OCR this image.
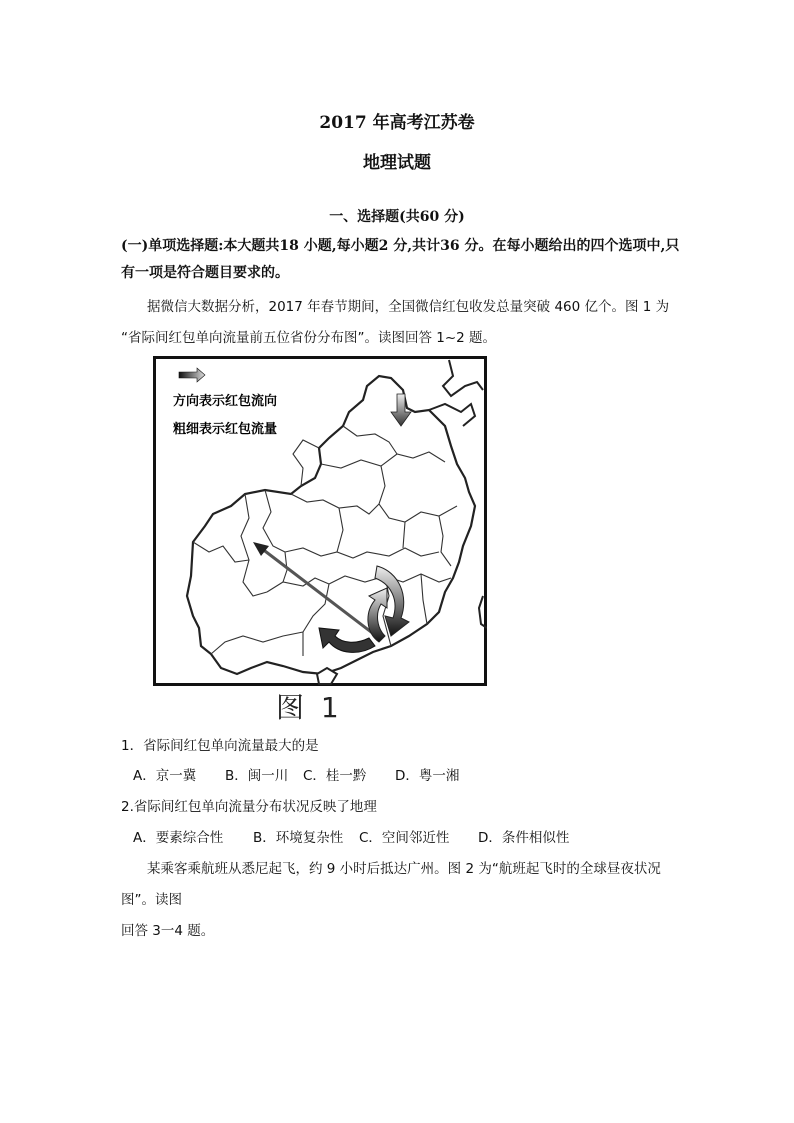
2017 年高考江苏卷
地理试题
一、选择题(共60 分)
(一)单项选择题:本大题共18 小题,每小题2 分,共计36 分。在每小题给出的四个选项中,只
有一项是符合题目要求的。
据微信大数据分析，2017 年春节期间，全国微信红包收发总量突破 460 亿个。图 1 为
“省际间红包单向流量前五位省份分布图”。读图回答 1~2 题。
方向表示红包流向
粗细表示红包流量
图 1
1．省际间红包单向流量最大的是
A．京一冀 B．闽一川 C．桂一黔 D．粤一湘
2.省际间红包单向流量分布状况反映了地理
A．要素综合性 B．环境复杂性 C．空间邻近性 D．条件相似性
某乘客乘航班从悉尼起飞，约 9 小时后抵达广州。图 2 为“航班起飞时的全球昼夜状况
图”。读图
回答 3一4 题。
